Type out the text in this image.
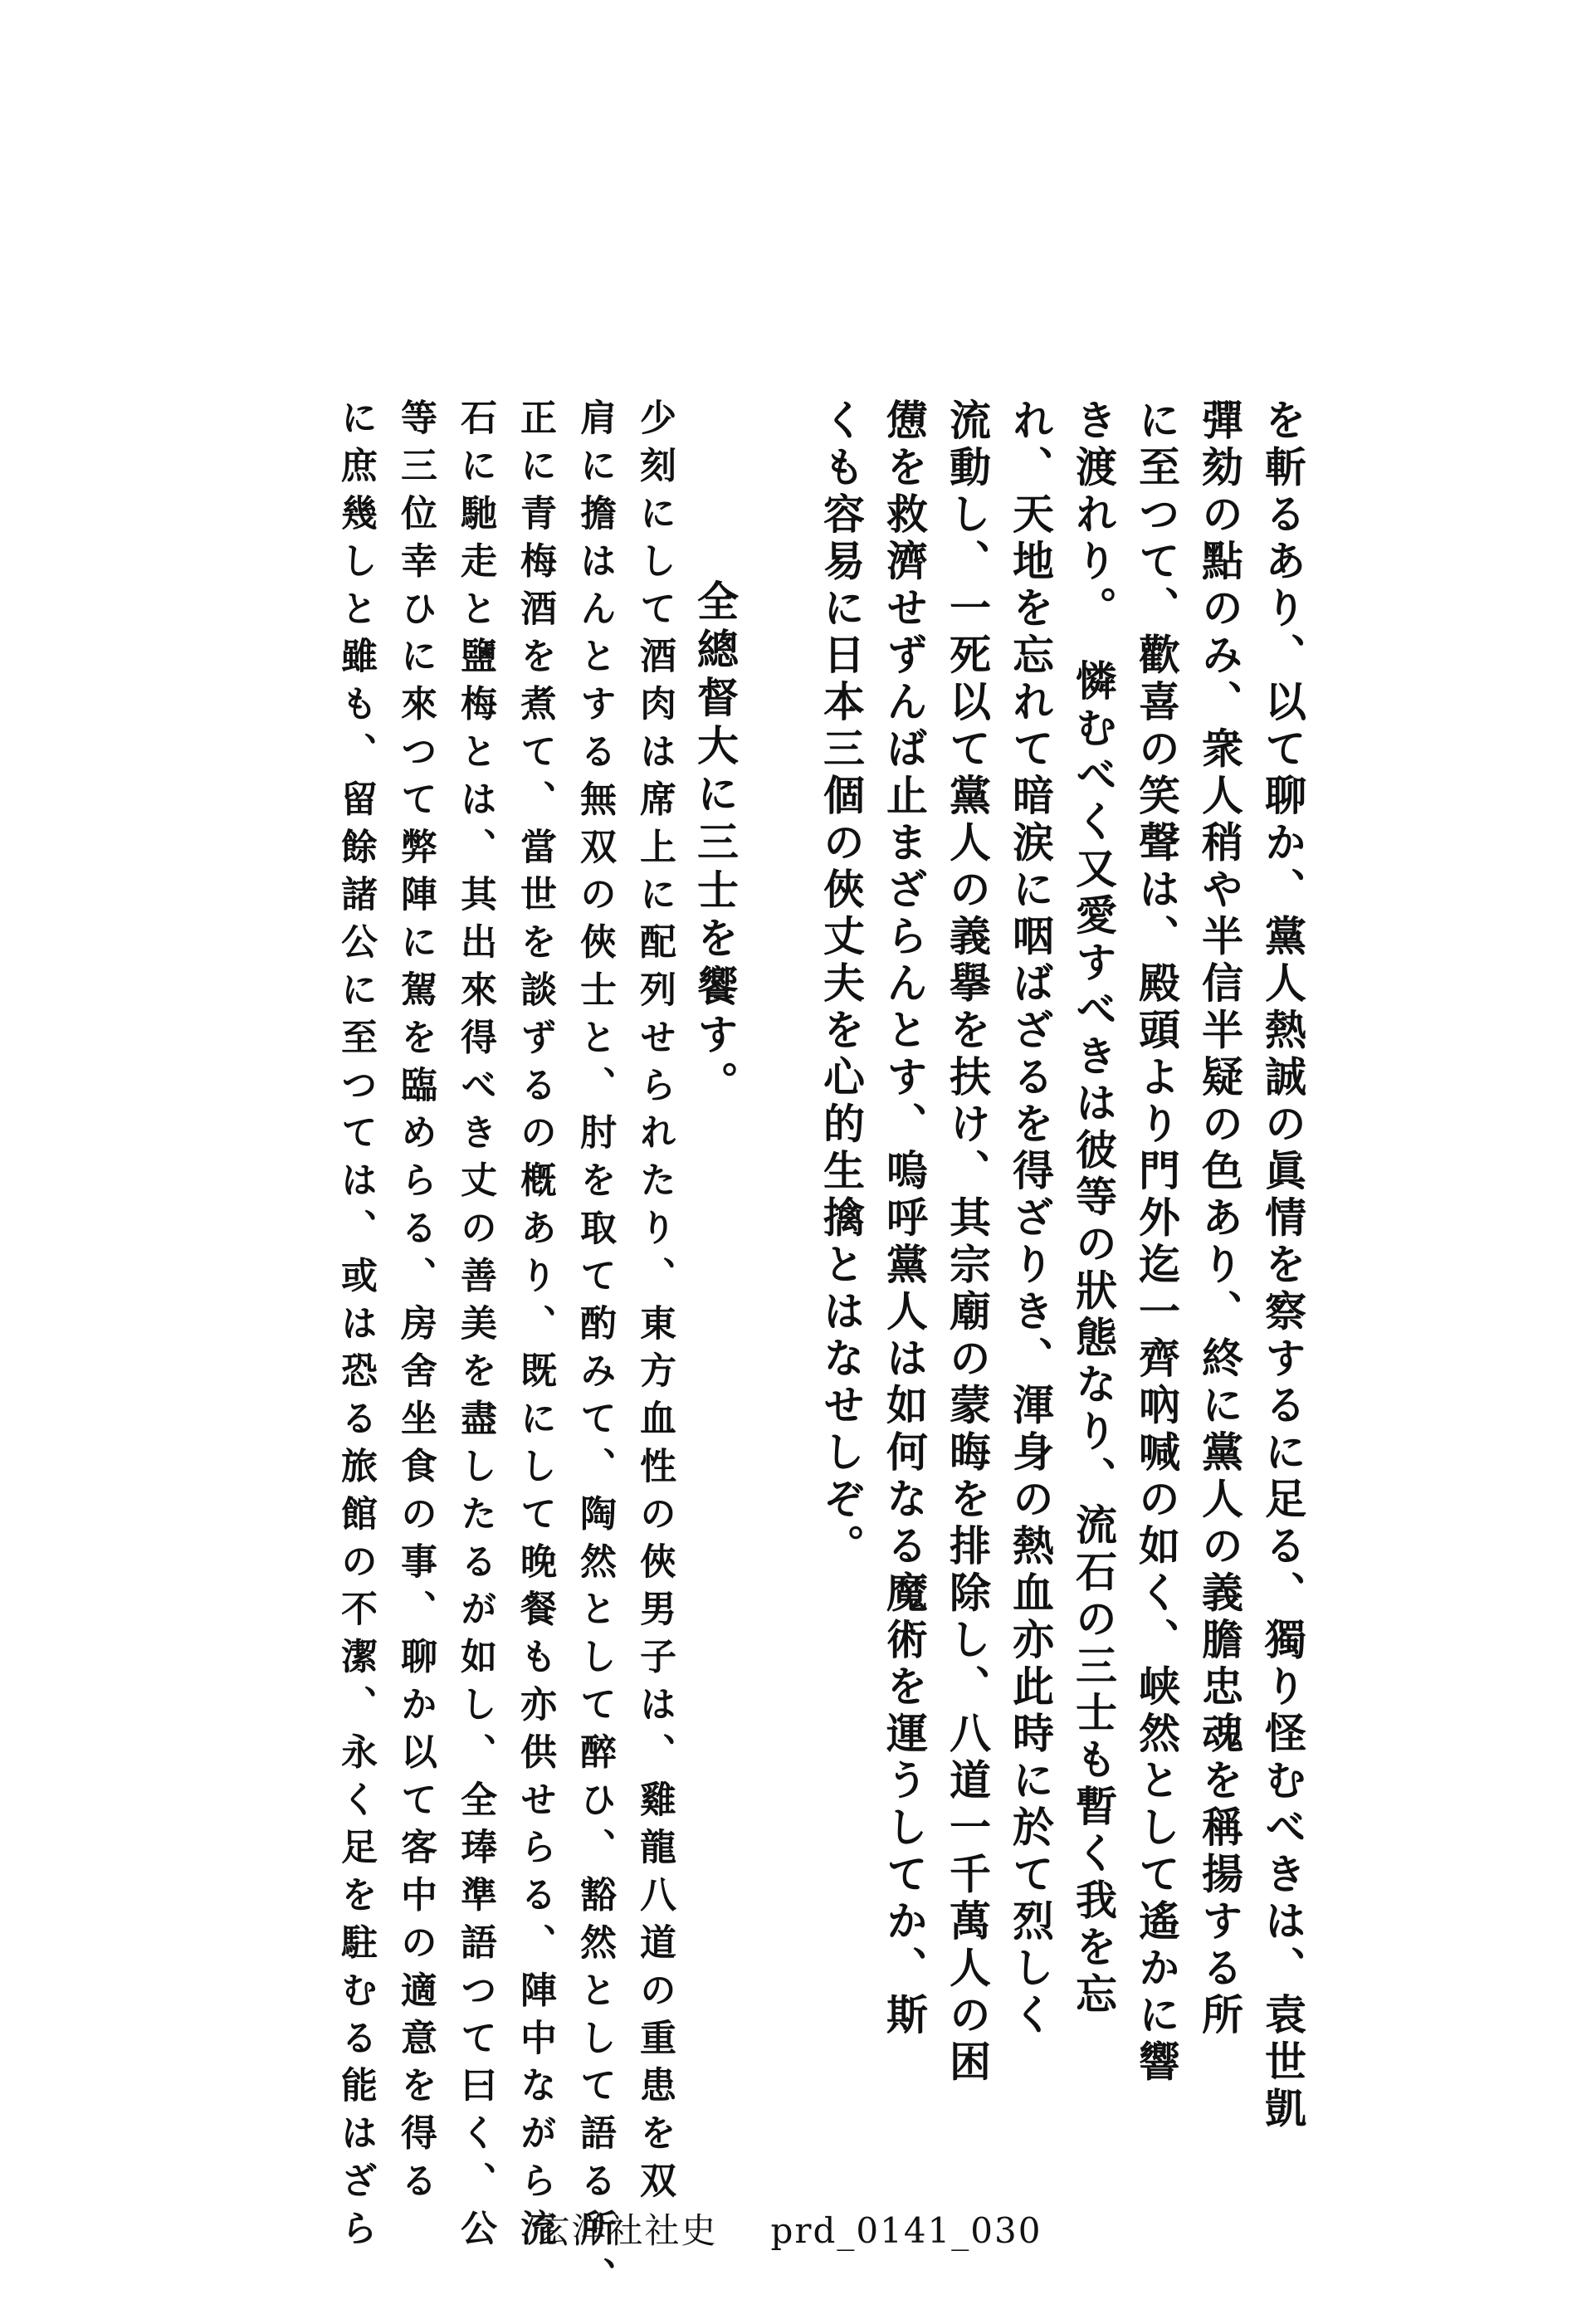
を斬るあり、以て聊か、黨人熱誠の眞情を察するに足る、獨り怪むべきは、袁世凱
彈劾の點のみ、衆人稍や半信半疑の色あり、終に黨人の義膽忠魂を稱揚する所
に至つて、歡喜の笑聲は、殿頭より門外迄一齊吶喊の如く、峡然として遙かに響
き渡れり。　憐むべく又愛すべきは彼等の狀態なり、流石の三士も暫く我を忘
れ、天地を忘れて暗涙に咽ばざるを得ざりき、渾身の熱血亦此時に於て烈しく
流動し、一死以て黨人の義擧を扶け、其宗廟の蒙晦を排除し、八道一千萬人の困
憊を救濟せずんば止まざらんとす、嗚呼黨人は如何なる魔術を運うしてか、斯
くも容易に日本三個の俠丈夫を心的生擒とはなせしぞ。
全總督大に三士を饗す。
少刻にして酒肉は席上に配列せられたり、東方血性の俠男子は、雞龍八道の重患を双
肩に擔はんとする無双の俠士と、肘を取て酌みて、陶然として醉ひ、豁然として語る所、
正に青梅酒を煮て、當世を談ずるの槪あり、既にして晚餐も亦供せらる、陣中ながら流
石に馳走と鹽梅とは、其出來得べき丈の善美を盡したるが如し、全琫準語つて曰く、公
等三位幸ひに來つて弊陣に駕を臨めらる、房舍坐食の事、聊か以て客中の適意を得る
に庶幾しと雖も、留餘諸公に至つては、或は恐る旅館の不潔、永く足を駐むる能はざら	玄洋社社史 prd_0141_030
